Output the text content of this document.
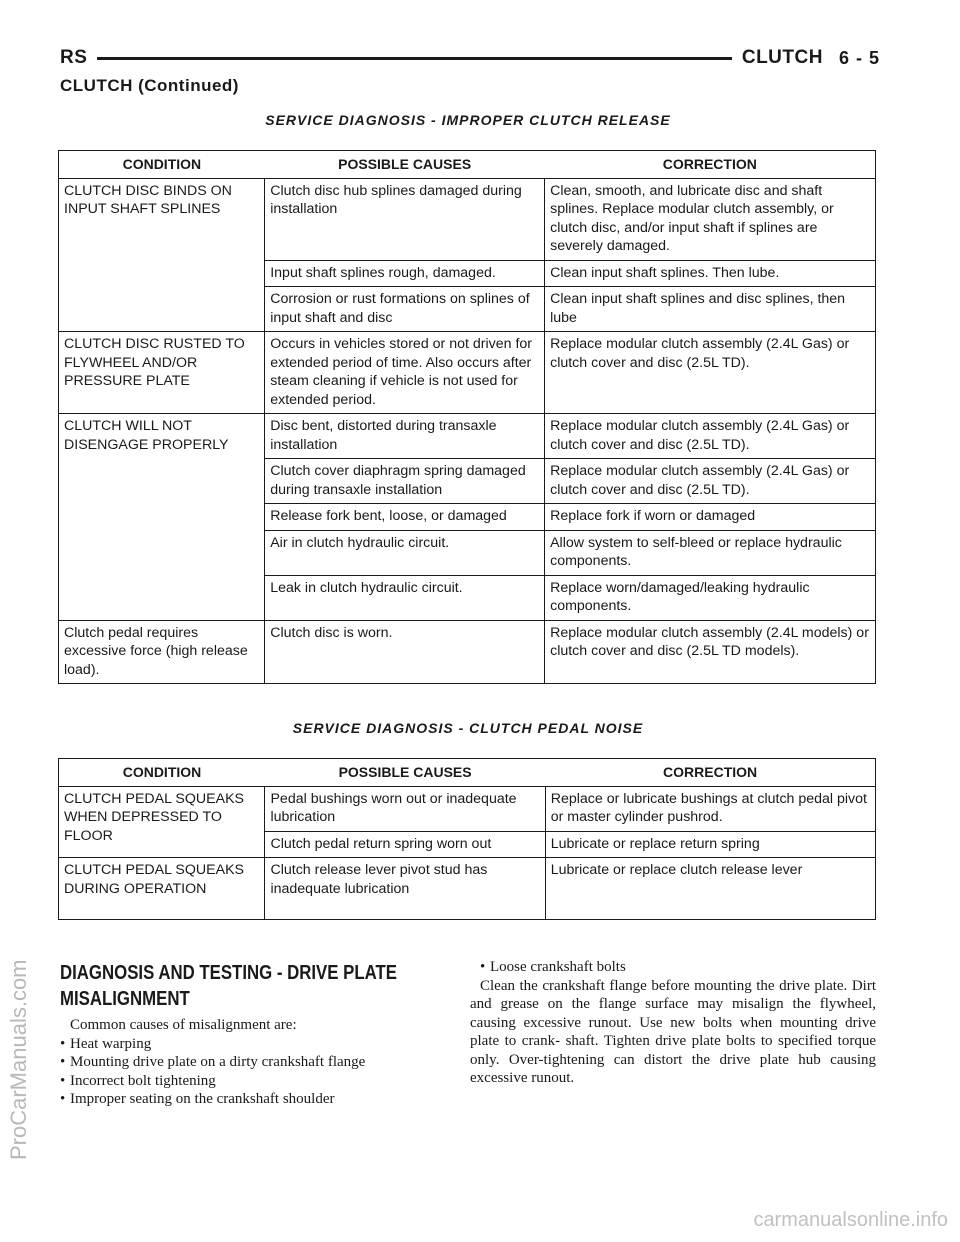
RS	CLUTCH 6 - 5
CLUTCH (Continued)
SERVICE DIAGNOSIS - IMPROPER CLUTCH RELEASE
CONDITION	POSSIBLE CAUSES	CORRECTION
CLUTCH DISC BINDS ON INPUT SHAFT SPLINES	Clutch disc hub splines damaged during installation	Clean, smooth, and lubricate disc and shaft splines. Replace modular clutch assembly, or clutch disc, and/or input shaft if splines are severely damaged.
	Input shaft splines rough, damaged.	Clean input shaft splines. Then lube.
	Corrosion or rust formations on splines of input shaft and disc	Clean input shaft splines and disc splines, then lube
CLUTCH DISC RUSTED TO FLYWHEEL AND/OR PRESSURE PLATE	Occurs in vehicles stored or not driven for extended period of time. Also occurs after steam cleaning if vehicle is not used for extended period.	Replace modular clutch assembly (2.4L Gas) or clutch cover and disc (2.5L TD).
CLUTCH WILL NOT DISENGAGE PROPERLY	Disc bent, distorted during transaxle installation	Replace modular clutch assembly (2.4L Gas) or clutch cover and disc (2.5L TD).
	Clutch cover diaphragm spring damaged during transaxle installation	Replace modular clutch assembly (2.4L Gas) or clutch cover and disc (2.5L TD).
	Release fork bent, loose, or damaged	Replace fork if worn or damaged
	Air in clutch hydraulic circuit.	Allow system to self-bleed or replace hydraulic components.
	Leak in clutch hydraulic circuit.	Replace worn/damaged/leaking hydraulic components.
Clutch pedal requires excessive force (high release load).	Clutch disc is worn.	Replace modular clutch assembly (2.4L models) or clutch cover and disc (2.5L TD models).
SERVICE DIAGNOSIS - CLUTCH PEDAL NOISE
CONDITION	POSSIBLE CAUSES	CORRECTION
CLUTCH PEDAL SQUEAKS WHEN DEPRESSED TO FLOOR	Pedal bushings worn out or inadequate lubrication	Replace or lubricate bushings at clutch pedal pivot or master cylinder pushrod.
	Clutch pedal return spring worn out	Lubricate or replace return spring
CLUTCH PEDAL SQUEAKS DURING OPERATION	Clutch release lever pivot stud has inadequate lubrication	Lubricate or replace clutch release lever
DIAGNOSIS AND TESTING - DRIVE PLATE
MISALIGNMENT
Common causes of misalignment are:
• Heat warping
• Mounting drive plate on a dirty crankshaft flange
• Incorrect bolt tightening
• Improper seating on the crankshaft shoulder
• Loose crankshaft bolts
Clean the crankshaft flange before mounting the drive plate. Dirt and grease on the flange surface may misalign the flywheel, causing excessive runout. Use new bolts when mounting drive plate to crank- shaft. Tighten drive plate bolts to specified torque only. Over-tightening can distort the drive plate hub causing excessive runout.
ProCarManuals.com
carmanualsonline.info
